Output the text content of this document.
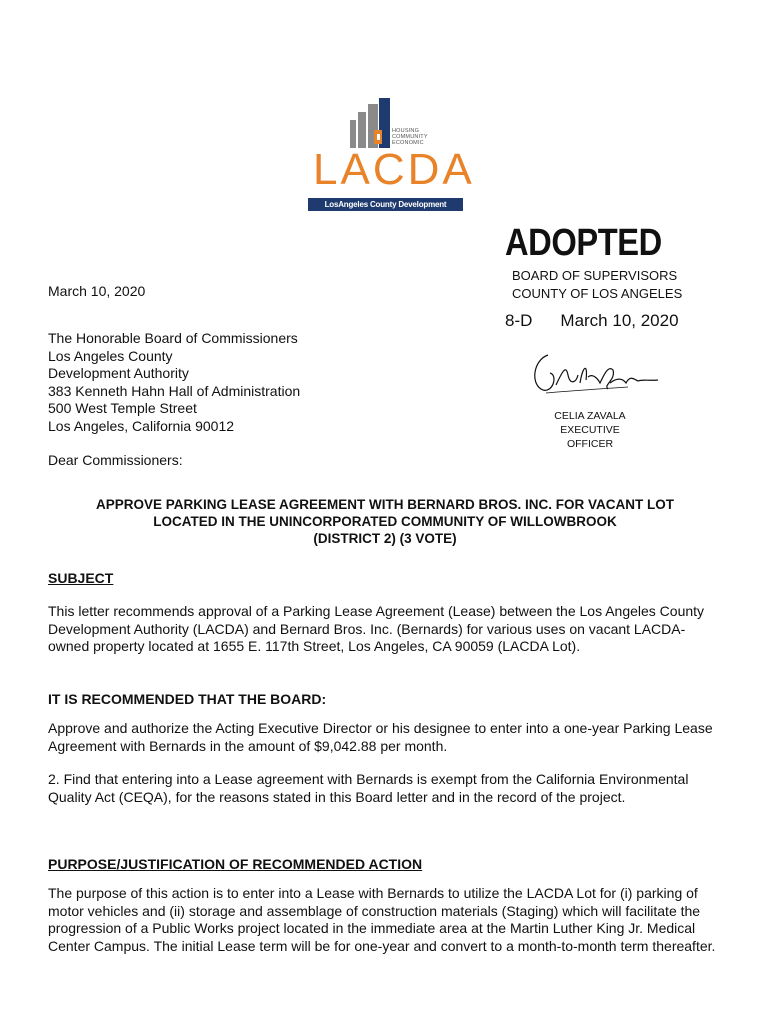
HOUSING
COMMUNITY
ECONOMIC
LACDA
LosAngeles County Development Authority
ADOPTED
BOARD OF SUPERVISORS
COUNTY OF LOS ANGELES
8-D March 10, 2020
CELIA ZAVALA
EXECUTIVE OFFICER
March 10, 2020
The Honorable Board of Commissioners
Los Angeles County
Development Authority
383 Kenneth Hahn Hall of Administration
500 West Temple Street
Los Angeles, California 90012
Dear Commissioners:
APPROVE PARKING LEASE AGREEMENT WITH BERNARD BROS. INC. FOR VACANT LOT
LOCATED IN THE UNINCORPORATED COMMUNITY OF WILLOWBROOK
(DISTRICT 2) (3 VOTE)
SUBJECT
This letter recommends approval of a Parking Lease Agreement (Lease) between the Los Angeles County Development Authority (LACDA) and Bernard Bros. Inc. (Bernards) for various uses on vacant LACDA-owned property located at 1655 E. 117th Street, Los Angeles, CA 90059 (LACDA Lot).
IT IS RECOMMENDED THAT THE BOARD:
Approve and authorize the Acting Executive Director or his designee to enter into a one-year Parking Lease Agreement with Bernards in the amount of $9,042.88 per month.
2. Find that entering into a Lease agreement with Bernards is exempt from the California Environmental Quality Act (CEQA), for the reasons stated in this Board letter and in the record of the project.
PURPOSE/JUSTIFICATION OF RECOMMENDED ACTION
The purpose of this action is to enter into a Lease with Bernards to utilize the LACDA Lot for (i) parking of motor vehicles and (ii) storage and assemblage of construction materials (Staging) which will facilitate the progression of a Public Works project located in the immediate area at the Martin Luther King Jr. Medical Center Campus. The initial Lease term will be for one-year and convert to a month-to-month term thereafter.
